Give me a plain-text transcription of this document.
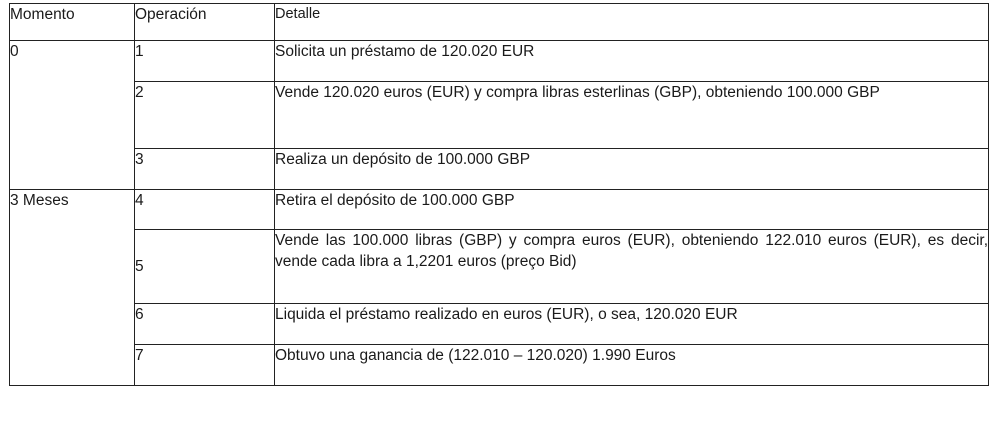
Momento	Operación	Detalle
0	1	Solicita un préstamo de 120.020 EUR
	2	Vende 120.020 euros (EUR) y compra libras esterlinas (GBP), obteniendo 100.000 GBP
	3	Realiza un depósito de 100.000 GBP
3 Meses	4	Retira el depósito de 100.000 GBP
	5	Vende las 100.000 libras (GBP) y compra euros (EUR), obteniendo 122.010 euros (EUR), es decir, vende cada libra a 1,2201 euros (preço Bid)
	6	Liquida el préstamo realizado en euros (EUR), o sea, 120.020 EUR
	7	Obtuvo una ganancia de (122.010 – 120.020) 1.990 Euros
